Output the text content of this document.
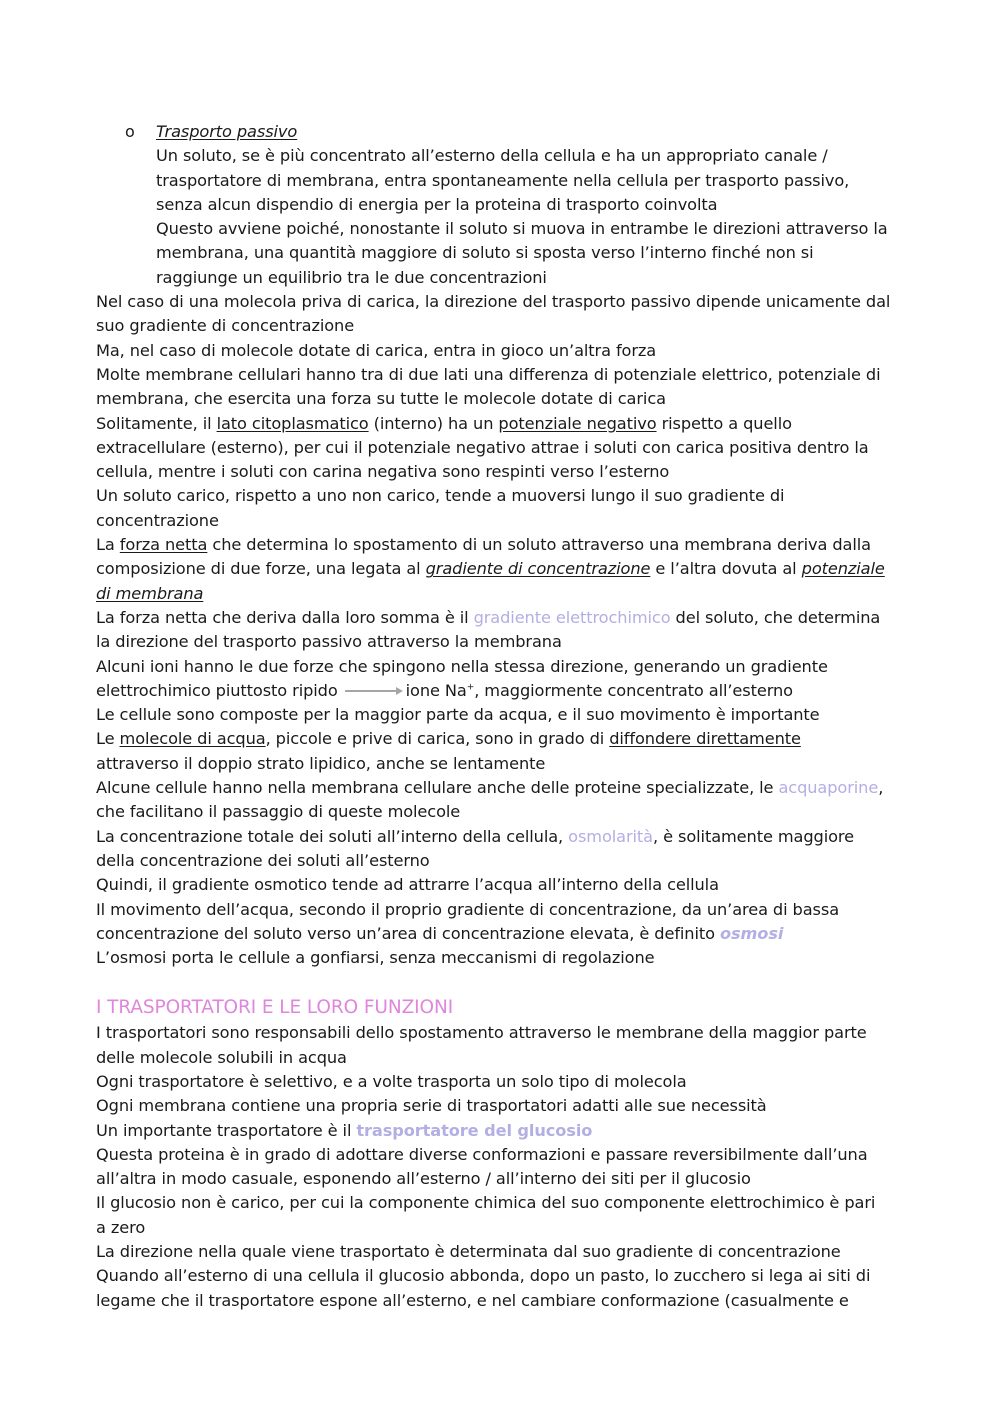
o Trasporto passivo
Un soluto, se è più concentrato all’esterno della cellula e ha un appropriato canale /
trasportatore di membrana, entra spontaneamente nella cellula per trasporto passivo,
senza alcun dispendio di energia per la proteina di trasporto coinvolta
Questo avviene poiché, nonostante il soluto si muova in entrambe le direzioni attraverso la
membrana, una quantità maggiore di soluto si sposta verso l’interno finché non si
raggiunge un equilibrio tra le due concentrazioni
Nel caso di una molecola priva di carica, la direzione del trasporto passivo dipende unicamente dal
suo gradiente di concentrazione
Ma, nel caso di molecole dotate di carica, entra in gioco un’altra forza
Molte membrane cellulari hanno tra di due lati una differenza di potenziale elettrico, potenziale di
membrana, che esercita una forza su tutte le molecole dotate di carica
Solitamente, il lato citoplasmatico (interno) ha un potenziale negativo rispetto a quello
extracellulare (esterno), per cui il potenziale negativo attrae i soluti con carica positiva dentro la
cellula, mentre i soluti con carina negativa sono respinti verso l’esterno
Un soluto carico, rispetto a uno non carico, tende a muoversi lungo il suo gradiente di
concentrazione
La forza netta che determina lo spostamento di un soluto attraverso una membrana deriva dalla
composizione di due forze, una legata al gradiente di concentrazione e l’altra dovuta al potenziale
di membrana
La forza netta che deriva dalla loro somma è il gradiente elettrochimico del soluto, che determina
la direzione del trasporto passivo attraverso la membrana
Alcuni ioni hanno le due forze che spingono nella stessa direzione, generando un gradiente
elettrochimico piuttosto ripido	ione Na+, maggiormente concentrato all’esterno
Le cellule sono composte per la maggior parte da acqua, e il suo movimento è importante
Le molecole di acqua, piccole e prive di carica, sono in grado di diffondere direttamente
attraverso il doppio strato lipidico, anche se lentamente
Alcune cellule hanno nella membrana cellulare anche delle proteine specializzate, le acquaporine,
che facilitano il passaggio di queste molecole
La concentrazione totale dei soluti all’interno della cellula, osmolarità, è solitamente maggiore
della concentrazione dei soluti all’esterno
Quindi, il gradiente osmotico tende ad attrarre l’acqua all’interno della cellula
Il movimento dell’acqua, secondo il proprio gradiente di concentrazione, da un’area di bassa
concentrazione del soluto verso un’area di concentrazione elevata, è definito osmosi
L’osmosi porta le cellule a gonfiarsi, senza meccanismi di regolazione
I TRASPORTATORI E LE LORO FUNZIONI
I trasportatori sono responsabili dello spostamento attraverso le membrane della maggior parte
delle molecole solubili in acqua
Ogni trasportatore è selettivo, e a volte trasporta un solo tipo di molecola
Ogni membrana contiene una propria serie di trasportatori adatti alle sue necessità
Un importante trasportatore è il trasportatore del glucosio
Questa proteina è in grado di adottare diverse conformazioni e passare reversibilmente dall’una
all’altra in modo casuale, esponendo all’esterno / all’interno dei siti per il glucosio
Il glucosio non è carico, per cui la componente chimica del suo componente elettrochimico è pari
a zero
La direzione nella quale viene trasportato è determinata dal suo gradiente di concentrazione
Quando all’esterno di una cellula il glucosio abbonda, dopo un pasto, lo zucchero si lega ai siti di
legame che il trasportatore espone all’esterno, e nel cambiare conformazione (casualmente e
